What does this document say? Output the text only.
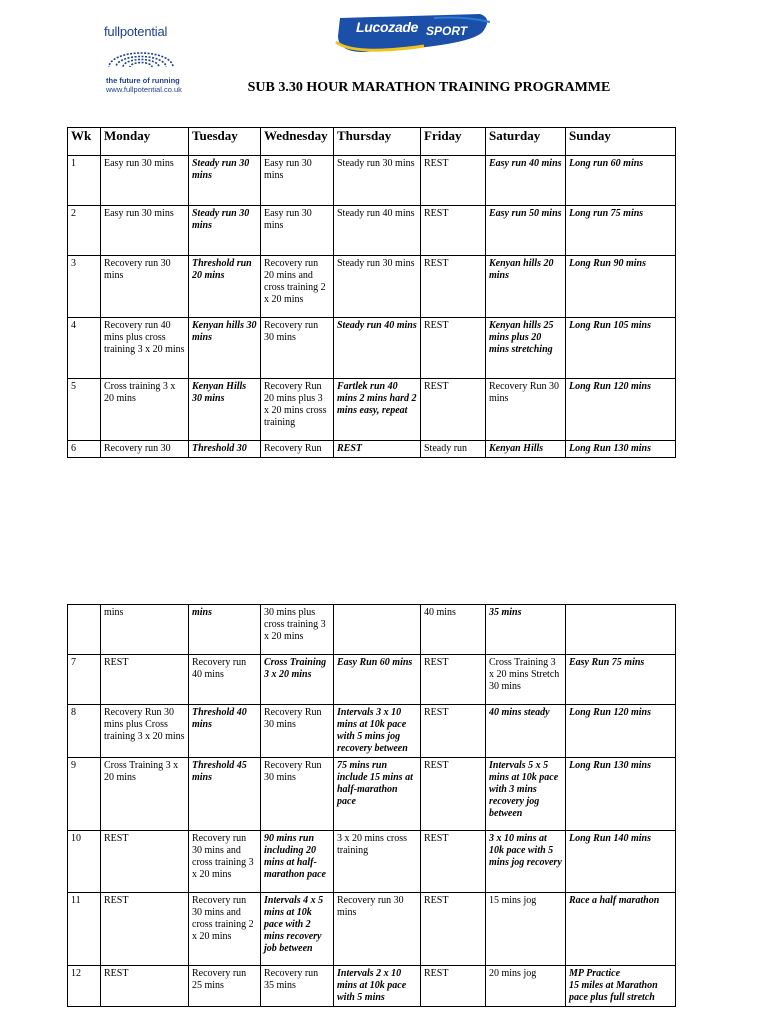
fullpotential
the future of running
www.fullpotential.co.uk
Lucozade SPORT
SUB 3.30 HOUR MARATHON TRAINING PROGRAMME
Wk	Monday	Tuesday	Wednesday	Thursday	Friday	Saturday	Sunday
1	Easy run 30 mins	Steady run 30 mins	Easy run 30 mins	Steady run 30 mins	REST	Easy run 40 mins	Long run 60 mins
2	Easy run 30 mins	Steady run 30 mins	Easy run 30 mins	Steady run 40 mins	REST	Easy run 50 mins	Long run 75 mins
3	Recovery run 30 mins	Threshold run 20 mins	Recovery run 20 mins and cross training 2 x 20 mins	Steady run 30 mins	REST	Kenyan hills 20 mins	Long Run 90 mins
4	Recovery run 40 mins plus cross training 3 x 20 mins	Kenyan hills 30 mins	Recovery run 30 mins	Steady run 40 mins	REST	Kenyan hills 25 mins plus 20 mins stretching	Long Run 105 mins
5	Cross training 3 x 20 mins	Kenyan Hills 30 mins	Recovery Run 20 mins plus 3 x 20 mins cross training	Fartlek run 40 mins 2 mins hard 2 mins easy, repeat	REST	Recovery Run 30 mins	Long Run 120 mins
6	Recovery run 30	Threshold 30	Recovery Run	REST	Steady run	Kenyan Hills	Long Run 130 mins
	mins	mins	30 mins plus cross training 3 x 20 mins		40 mins	35 mins	
7	REST	Recovery run 40 mins	Cross Training 3 x 20 mins	Easy Run 60 mins	REST	Cross Training 3 x 20 mins Stretch 30 mins	Easy Run 75 mins
8	Recovery Run 30 mins plus Cross training 3 x 20 mins	Threshold 40 mins	Recovery Run 30 mins	Intervals 3 x 10 mins at 10k pace with 5 mins jog recovery between	REST	40 mins steady	Long Run 120 mins
9	Cross Training 3 x 20 mins	Threshold 45 mins	Recovery Run 30 mins	75 mins run include 15 mins at half-marathon pace	REST	Intervals 5 x 5 mins at 10k pace with 3 mins recovery jog between	Long Run 130 mins
10	REST	Recovery run 30 mins and cross training 3 x 20 mins	90 mins run including 20 mins at half-marathon pace	3 x 20 mins cross training	REST	3 x 10 mins at 10k pace with 5 mins jog recovery	Long Run 140 mins
11	REST	Recovery run 30 mins and cross training 2 x 20 mins	Intervals 4 x 5 mins at 10k pace with 2 mins recovery job between	Recovery run 30 mins	REST	15 mins jog	Race a half marathon
12	REST	Recovery run 25 mins	Recovery run 35 mins	Intervals 2 x 10 mins at 10k pace with 5 mins	REST	20 mins jog	MP Practice
15 miles at Marathon pace plus full stretch
